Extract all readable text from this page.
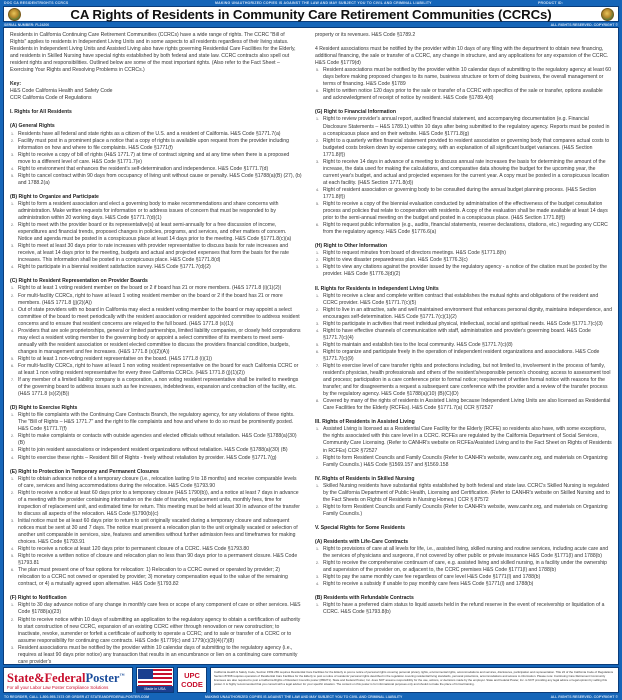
DOC CA RESIDENTRIGHTS CCRCS	MAKING UNAUTHORIZED COPIES IS AGAINST THE LAW AND MAY SUBJECT YOU TO CIVIL AND CRIMINAL LIABILITY	PRODUCT ID:
CA Rights of Residents in Community Care Retirement Communities (CCRCs)
SERIAL NUMBER: FL24200	ALL RIGHTS RESERVED. COPYRIGHT ©

Residents in California Continuing Care Retirement Communities (CCRCs) have a wide range of rights. The CCRC "Bill of Rights" applies to residents in Independent Living Units and in some aspects to all residents regardless of their living status. Residents in Independent Living Units and Assisted Living also have rights governing Residential Care Facilities for the Elderly, and residents in Skilled Nursing have special rights established by both federal and state law. CCRC contracts also spell out resident rights and responsibilities. Outlined below are some of the most important rights. (Also refer to the Fact Sheet – Exercising Your Rights and Resolving Problems in CCRCs.)

Key:

H&S Code California Health and Safety Code

CCR California Code of Regulations

I. Rights for All Residents

(A) General Rights

Residents have all federal and state rights as a citizen of the U.S. and a resident of California. H&S Code §1771.7(a)
Facility must post in a prominent place a notice that a copy of rights is available upon request from the provider including information on how and where to file complaints. H&S Code §1771(f)
Right to receive a copy of bill of rights (H&S 1771.7) at time of contract signing and at any time when there is a proposed move to a different level of care. H&S Code §1771.7(e)
Right to environment that enhances the resident's self-determination and independence. H&S Code §1771.7(d)
Right to cancel contract within 90 days from occupancy of living unit without cause or penalty. H&S Code §1788(a)(B) (27), (b) and 1788.2(a)

(B) Right to Organize and Participate

Right to form a resident association and elect a governing body to make recommendations and share concerns with administration. Make written requests for information or to address issues of concern that must be responded to by administration within 20 working days. H&S Code §1771.7(d)(1)
Right to meet with the provider board or its representative(s) at least semi-annually for a free discussion of income, expenditures and financial trends, proposed changes in policies, programs, and services, and other matters of concern. Notice and agenda must be posted in a conspicuous place at least 14 days prior to the meeting. H&S Code §1771.8(c)(a)
Right to meet at least 30 days prior to rate increases with provider representative to discuss basis for rate increases and receive, at least 14 days prior to the meeting, budgets and actual and projected expenses that form the basis for the rate increases. This information shall be posted in a conspicuous place. H&S Code §1771.8(d)
Right to participate in a biennial resident satisfaction survey. H&S Code §1771.7(d)(2)

(C) Right to Resident Representation on Provider Boards

Right to at least 1 voting resident member on the board or 2 if board has 21 or more members. (H&S 1771.8 (i)(1)(2))
For multi-facility CCRCs, right to have at least 1 voting resident member on the board or 2 if the board has 21 or more members. (H&S 1771.8 (j)(2)(A))
Out of state providers with no board in California may elect a resident voting member to the board or may appoint a select committee of the board to meet periodically with the resident association or resident appointed committee to address resident concerns and to ensure that resident concerns are relayed to the full board. (H&S 1771.8 (s)(1))
Providers that are sole proprietorships, general or limited partnerships, limited liability companies, or closely held corporations may elect a resident voting member to the governing body or appoint a select committee of its members to meet semi-annually with the resident association or resident elected committee to discuss the providers financial condition, budgets, changes in management and fee increases. (H&S 1771.8 (s)(2)(A))
Right to at least 1 non-voting resident representative on the board. (H&S 1771.8 (i)(1))
For multi-facility CCRCs, right to have at least 1 non voting resident representative on the board for each California CCRC or at least 1 non voting resident representative for every three California CCRCs. (H&S 1771.8 (j)(1)(2))
If any member of a limited liability company is a corporation, a non voting resident representative shall be invited to meetings of the governing board to address issues such as fee increases, indebtedness, expansion and contraction of the facility, etc. (H&S 1771.8 (s)(2)(B))

(D) Right to Exercise Rights

Right to file complaints with the Continuing Care Contracts Branch, the regulatory agency, for any violations of these rights. The "Bill of Rights – H&S 1771.7" and the right to file complaints and how and where to do so must be prominently posted. H&S Code §1771.7(f)
Right to make complaints or contacts with outside agencies and elected officials without retaliation. H&S Code §1788(a)(30) (B)
Right to join resident associations or independent resident organizations without retaliation. H&S Code §1788(a)(30) (B)
Right to exercise these rights – Resident Bill of Rights - freely without retaliation by provider. H&S Code §1771.7(g)

(E) Right to Protection in Temporary and Permanent Closures

Right to obtain advance notice of a temporary closure (i.e., relocation lasting 9 to 18 months) and receive comparable levels of care, services and living accommodations during the relocation. H&S Code §1793.90
Right to receive a notice at least 60 days prior to a temporary closure (H&S 1790(b)), and a notice at least 7 days in advance of a meeting with the provider containing information on the date of transfer, replacement units, monthly fees, time for inspection of replacement unit, and estimated time for return. This meeting must be held at least 30 in advance of the transfer to discuss all aspects of the relocation. H&S Code §1790(b)(c)
Initial notice must be at least 60 days prior to return to unit originally vacated during a temporary closure and subsequent notices must be sent at 30 and 7 days. The notice must present a relocation plan to the unit originally vacated or selection of another unit comparable in services, size, features and amenities without further admission fees and timeframes for making choices. H&S Code §1793.91
Right to receive a notice at least 120 days prior to permanent closure of a CCRC. H&S Code §1793.80
Right to receive a written notice of closure and relocation plan no less than 90 days prior to a permanent closure. H&S Code §1793.81
The plan must present one of four options for relocation: 1) Relocation to a CCRC owned or operated by provider; 2) relocation to a CCRC not owned or operated by provider; 3) monetary compensation equal to the value of the remaining contract, or 4) a mutually agreed upon alternative. H&S Code §1793.82

(F) Right to Notification

Right to 30 day advance notice of any change in monthly care fees or scope of any component of care or other services. H&S Code §1788(a)(23)
Right to receive notice within 10 days of submitting an application to the regulatory agency to obtain a certification of authority to start construction of new CCRC, expansion of an existing CCRC either through renovation or new construction; to inactivate, revoke, surrender or forfeit a certificate of authority to operate a CCRC; and to sale or transfer of a CCRC or to assume responsibility for continuing care contracts. H&S Code §1779(c) and 1779(c)(3)(4)(7)(8)
Resident associations must be notified by the provider within 10 calendar days of submitting to the regulatory agency (i.e., requires at least 90 days prior notice) any transaction that results in an encumbrance or lien on a continuing care community care provider's

property or its revenues. H&S Code §1789.2

4 Resident associations must be notified by the provider within 10 days of any filing with the department to obtain new financing, additional financing, the sale or transfer of a CCRC, any change in structure, and any applications for any expansion of the CCRC. H&S Code §1779(d)

Resident associations must be notified by the provider within 10 calendar days of submitting to the regulatory agency at least 60 days before making proposed changes to its name, business structure or form of doing business, the overall management or terms of financing. H&S Code §1789
Right to written notice 120 days prior to the sale or transfer of a CCRC with specifics of the sale or transfer, options available and acknowledgment of receipt of notice by resident. H&S Code §1789.4(d)

(G) Right to Financial Information

Right to review provider's annual report, audited financial statement, and accompanying documentation (e.g. Financial Disclosure Statements – H&S 1789.1) within 10 days after being submitted to the regulatory agency. Reports must be posted in a conspicuous place and on their website. H&S Code §1771.8(g)
Right to a quarterly written financial statement provided to resident association or governing body that compares actual costs to budgeted costs broken down by expense category, with an explanation of all significant budget variances. (H&S Section 1771.8(f))
Right to receive 14 days in advance of a meeting to discuss annual rate increases the basis for determining the amount of the increase, the data used for making the calculations, and comparative data showing the budget for the upcoming year, the current year's budget, and actual and projected expenses for the current year. A copy must be posted in a conspicuous location at each facility. (H&S Section 1771.8(d))
Right of resident association or governing body to be consulted during the annual budget planning process. (H&S Section 1771.8(f))
Right to receive a copy of the biennial evaluation conducted by administration of the effectiveness of the budget consultation process and policies that relate to cooperation with residents. A copy of the evaluation shall be made available at least 14 days prior to the semi-annual meeting on the budget and posted in a conspicuous place. (H&S Section 1771.8(f))
Right to request public information (e.g., audits, financial statements, reserve declarations, citations, etc.) regarding any CCRC from the regulatory agency. H&S Code §1776.6(a)

(H) Right to Other Information

Right to request minutes from board of directors meetings. H&S Code §1771.8(h)
Right to view disaster preparedness plan. H&S Code §1776.3(c)
Right to view any citations against the provider issued by the regulatory agency - a notice of the citation must be posted by the provider. H&S Code §1776.3(d)(2)

II. Rights for Residents in Independent Living Units

Right to receive a clear and complete written contract that establishes the mutual rights and obligations of the resident and CCRC provider. H&S Code §1771.7(c)(5)
Right to live in an attractive, safe and well maintained environment that enhances personal dignity, maintains independence, and encourages self-determination. H&S Code §1771.7(c)(1)(2)
Right to participate in activities that meet individual physical, intellectual, social and spiritual needs. H&S Code §1771.7(c)(3)
Right to have effective channels of communication with staff, administration and provider's governing board. H&S Code §1771.7(c)(4)
Right to maintain and establish ties to the local community. H&S Code §1771.7(c)(8)
Right to organize and participate freely in the operation of independent resident organizations and associations. H&S Code §1771.7(c)(9)
Right to exercise level of care transfer rights and protections including, but not limited to, involvement in the process of family, resident's physician, health professionals and others of the resident's/responsible person's choosing; access to assessment tool and process; participation in a care conference prior to formal notice; requirement of written formal notice with reasons for the transfer; and for disagreements a request a subsequent care conference with the provider and a review of the transfer process by the regulatory agency. H&S Code §1788(a)(10) (B)(C)(D)
Covered by many of the rights of residents in Assisted Living because Independent Living Units are also licensed as Residential Care Facilities for the Elderly (RCFEs). H&S Code §1771.7(a) CCR §72527

III. Rights of Residents in Assisted Living

Assisted Living is licensed as a Residential Care Facility for the Elderly (RCFE) so residents also have, with some exceptions, the rights associated with this care level in a CCRC. RCFEs are regulated by the California Department of Social Services, Community Care Licensing. (Refer to CANHR's website on RCFEs/Assisted Living and to the Fact Sheet on Rights of Residents in RCFEs) CCR §72527
Right to form Resident Councils and Family Councils (Refer to CANHR's website, www.canhr.org, and materials on Organizing Family Councils.) H&S Code §1569.157 and §1569.158

IV. Rights of Residents in Skilled Nursing

Skilled Nursing residents have substantial rights established by both federal and state law. CCRC's Skilled Nursing is regulated by the California Department of Public Health, Licensing and Certification. (Refer to CANHR's website on Skilled Nursing and to the Fact Sheets on Rights of Residents in Nursing Homes.) CCR § 87572
Right to form Resident Councils and Family Councils (Refer to CANHR's website, www.canhr.org, and materials on Organizing Family Councils.)

V. Special Rights for Some Residents

(A) Residents with Life-Care Contracts

Right to provisions of care at all levels for life, i.e., assisted living, skilled nursing and routine services, including acute care and the services of physicians and surgeons, if not covered by other public or private insurance H&S Code §1771(l) and 1788(b)
Right to receive the comprehensive continuum of care, e.g. assisted living and skilled nursing, in a facility under the ownership and supervision of the provider on, or adjacent to, the CCRC premises H&S Code §1771(l) and 1788(b)
Right to pay the same monthly care fee regardless of care level H&S Code §1771(l) and 1788(b)
Right to receive a subsidy if unable to pay monthly care fees H&S Code §1771(l) and 1788(b)

(B) Residents with Refundable Contracts

Right to have a preferred claim status to liquid assets held in the refund reserve in the event of receivership or liquidation of a CCRC. H&S Code §1793.8(b)
State&FederalPoster™
For all your Labor Law Poster Compliance Solutions	Made in USA
UPC
CODE
California Health & Safety Code, Section 1569.269 requires Residential Care Facilities for the Elderly to post a notice of personal rights covering personal privacy rights, environmental rights, accommodations and services, disclosures, participation and representation. Title 22 of the California Code of Regulations Section 87468 requires operators of Residential Care Facilities for the Elderly to post a notice of residents' personal rights described in the regulation covering residential living standards, personal protections, accommodations and access to information. Please note: Continuing Care Retirement Community licensees are also required to post a California Rights of Resident Councils poster (#80271). State and Federal Poster, Inc. does NOT assume responsibility for the use, actions, or decisions made by the employer. State and Federal Poster, Inc. is NOT providing any legal advice or legal opinion by selling this poster. It is highly recommended that you consult with a legal advisor for your specific situation. The content on this poster is for informational purposes only and should not take the place of formal training.
TO REORDER, CALL 1-800-955-7473 OR ORDER AT STATEANDFEDERALPOSTER.COM	MAKING UNAUTHORIZED COPIES IS AGAINST THE LAW AND MAY SUBJECT YOU TO CIVIL AND CRIMINAL LIABILITY	ALL RIGHTS RESERVED. COPYRIGHT ©
